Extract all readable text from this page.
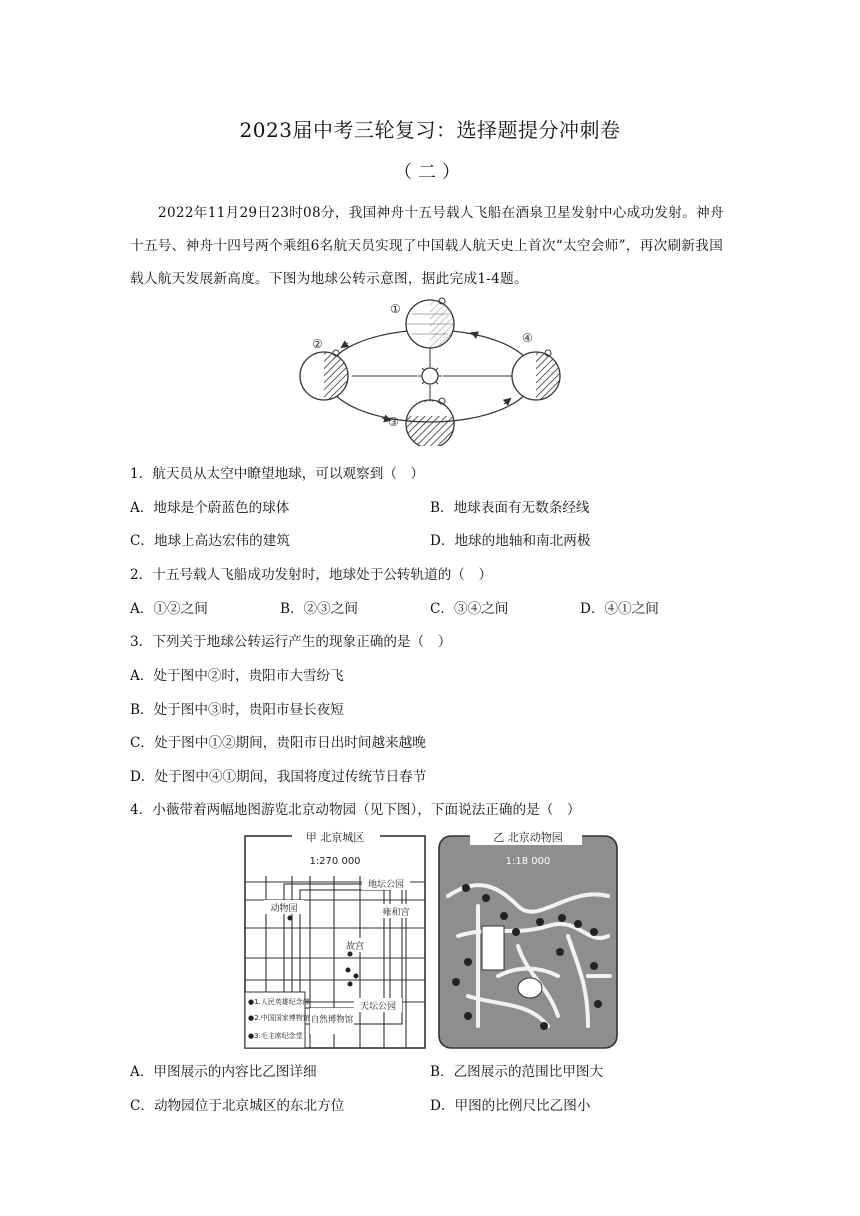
2023届中考三轮复习：选择题提分冲刺卷
（二）
2022年11月29日23时08分，我国神舟十五号载人飞船在酒泉卫星发射中心成功发射。神舟十五号、神舟十四号两个乘组6名航天员实现了中国载人航天史上首次“太空会师”，再次刷新我国载人航天发展新高度。下图为地球公转示意图，据此完成1-4题。
①
②
③
④
1．航天员从太空中瞭望地球，可以观察到（　）
A．地球是个蔚蓝色的球体	B．地球表面有无数条经线
C．地球上高达宏伟的建筑	D．地球的地轴和南北两极
2．十五号载人飞船成功发射时，地球处于公转轨道的（　）
A．①②之间	B．②③之间	C．③④之间	D．④①之间
3．下列关于地球公转运行产生的现象正确的是（　）
A．处于图中②时，贵阳市大雪纷飞
B．处于图中③时，贵阳市昼长夜短
C．处于图中①②期间，贵阳市日出时间越来越晚
D．处于图中④①期间，我国将度过传统节日春节
4．小薇带着两幅地图游览北京动物园（见下图），下面说法正确的是（　）
甲 北京城区
1:270 000
地坛公园
雍和宫
动物园
故宫
自然博物馆
天坛公园
●1.人民英雄纪念碑
●2.中国国家博物馆
●3.毛主席纪念堂
乙 北京动物园
1:18 000
A．甲图展示的内容比乙图详细	B．乙图展示的范围比甲图大
C．动物园位于北京城区的东北方位	D．甲图的比例尺比乙图小
